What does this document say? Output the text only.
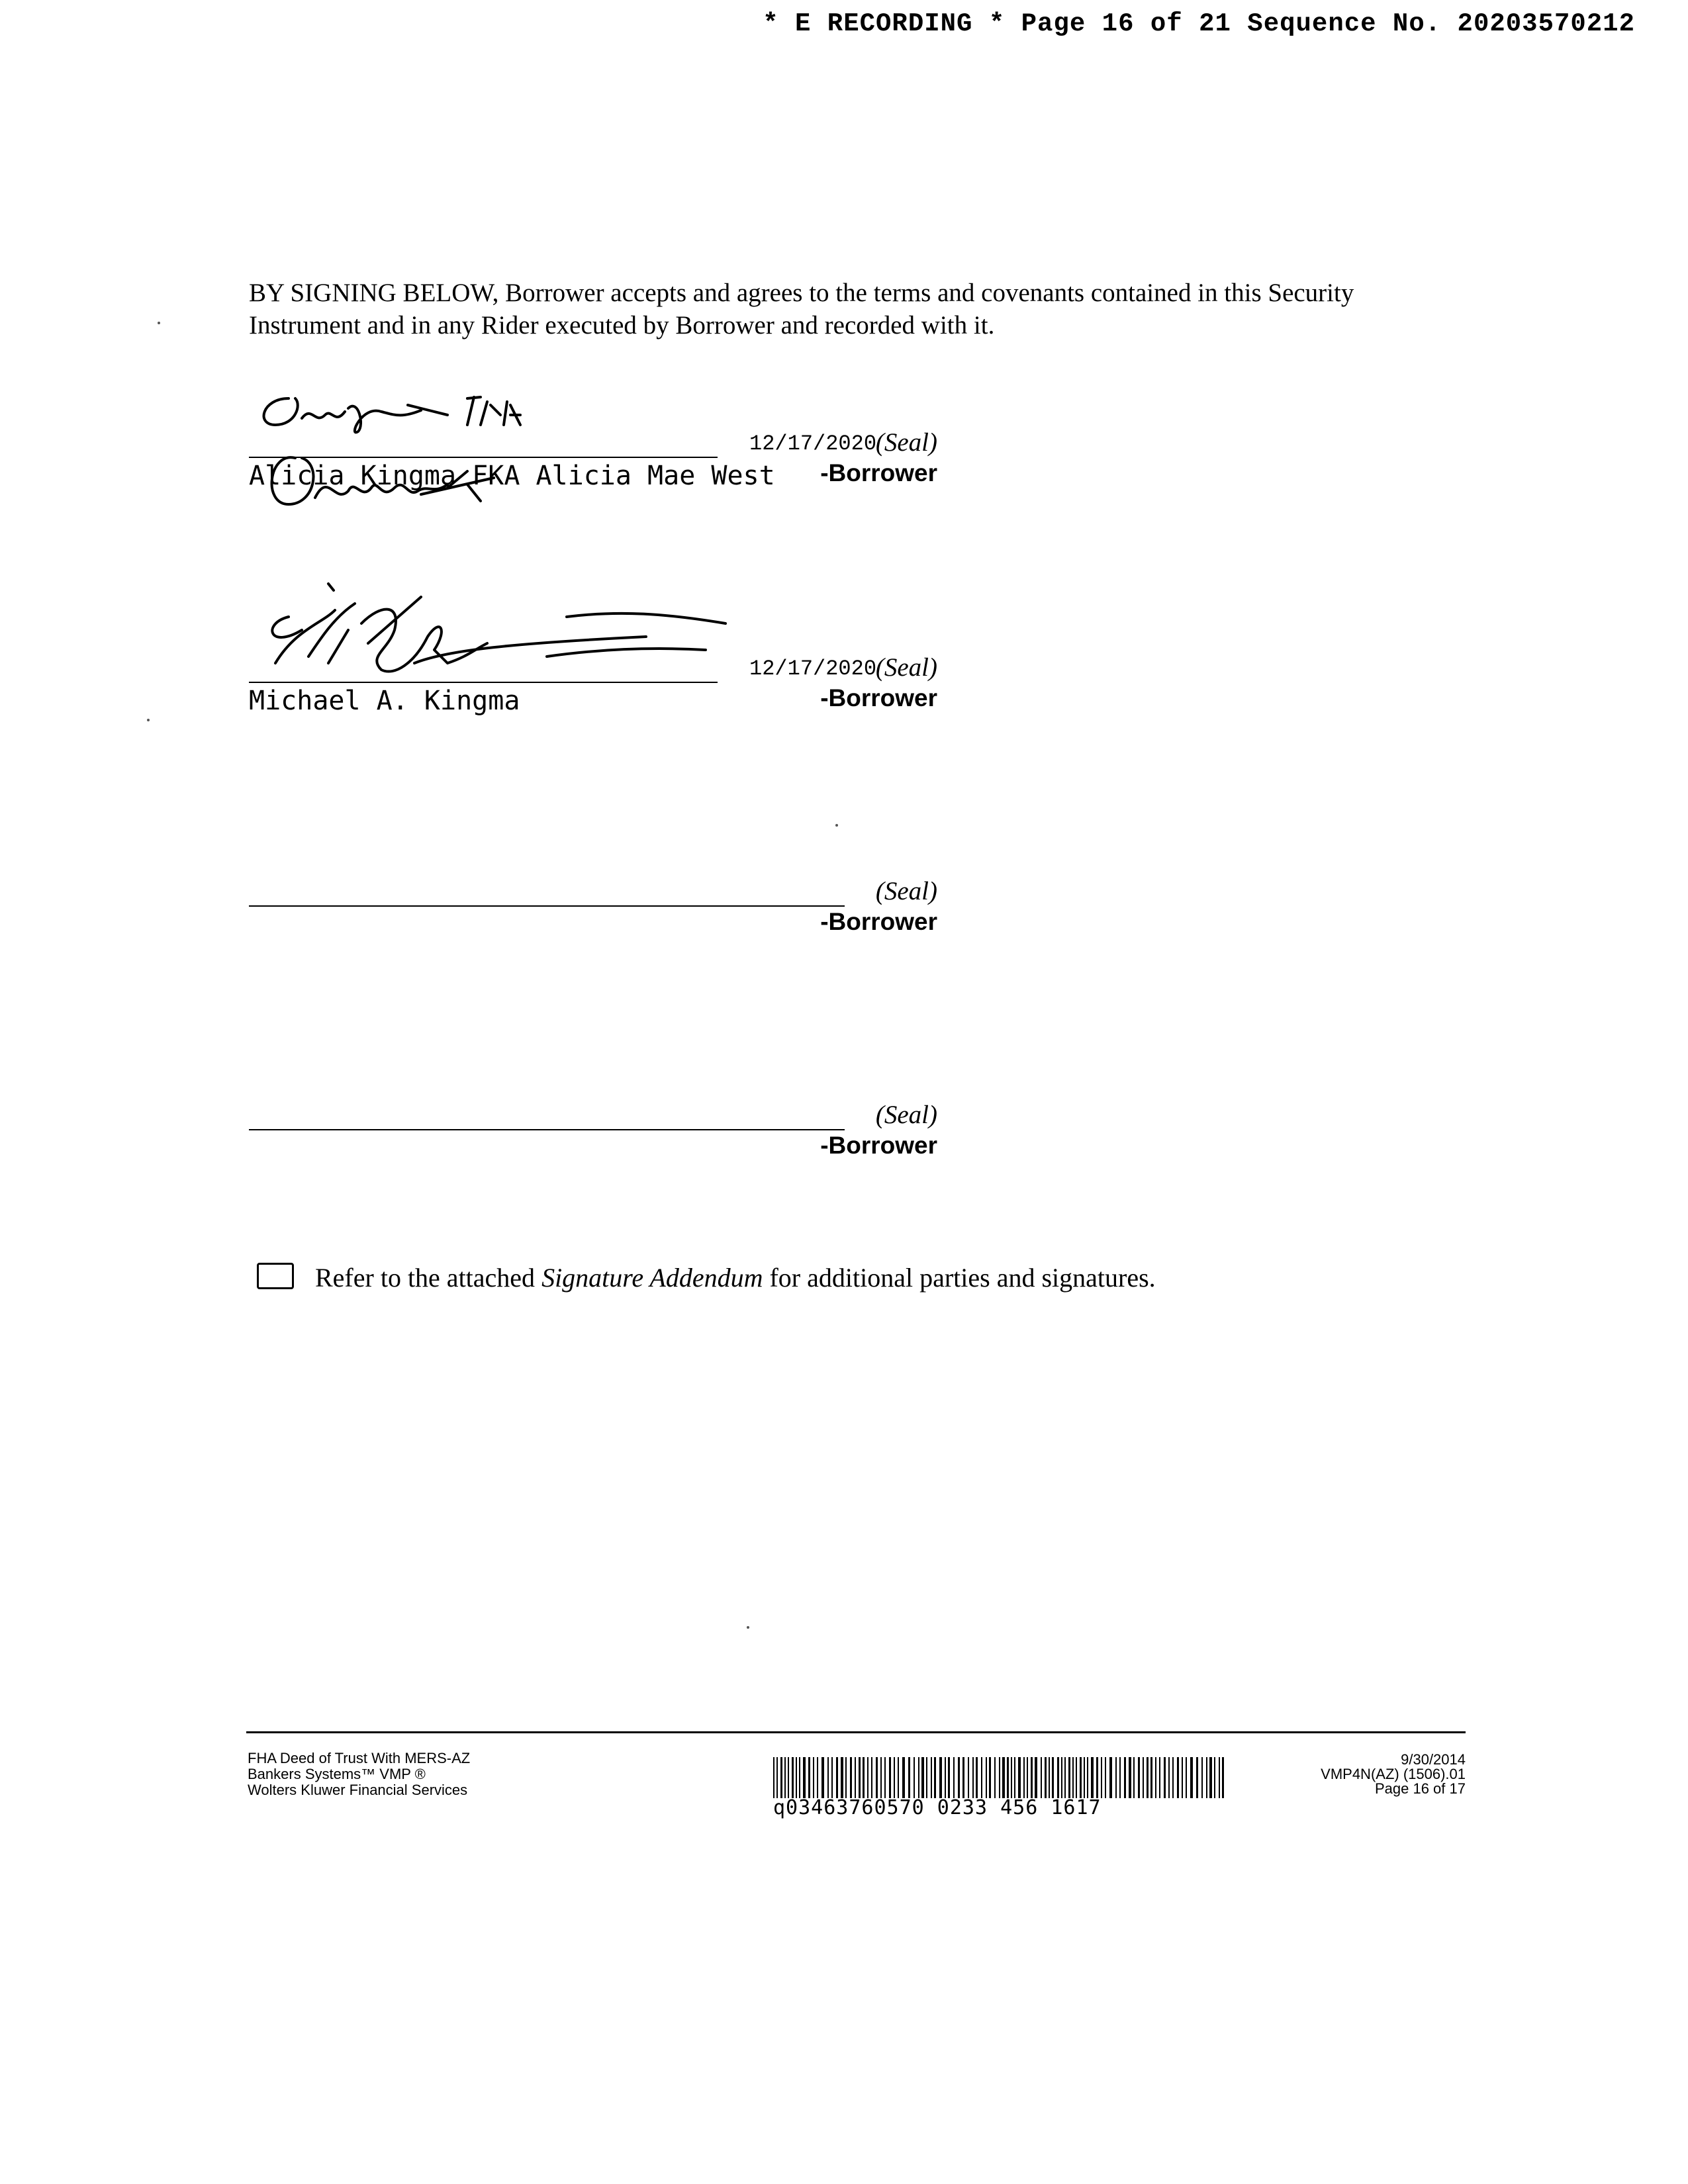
* E RECORDING * Page 16 of 21 Sequence No. 20203570212
BY SIGNING BELOW, Borrower accepts and agrees to the terms and covenants contained in this Security Instrument and in any Rider executed by Borrower and recorded with it.
12/17/2020
(Seal)
Alicia Kingma FKA Alicia Mae West -Borrower
12/17/2020
(Seal)
Michael A. Kingma	-Borrower
(Seal)
-Borrower
(Seal)
-Borrower
Refer to the attached Signature Addendum for additional parties and signatures.
FHA Deed of Trust With MERS-AZ
Bankers Systems™ VMP ®
Wolters Kluwer Financial Services
q03463760570 0233 456 1617
9/30/2014
VMP4N(AZ) (1506).01
Page 16 of 17
